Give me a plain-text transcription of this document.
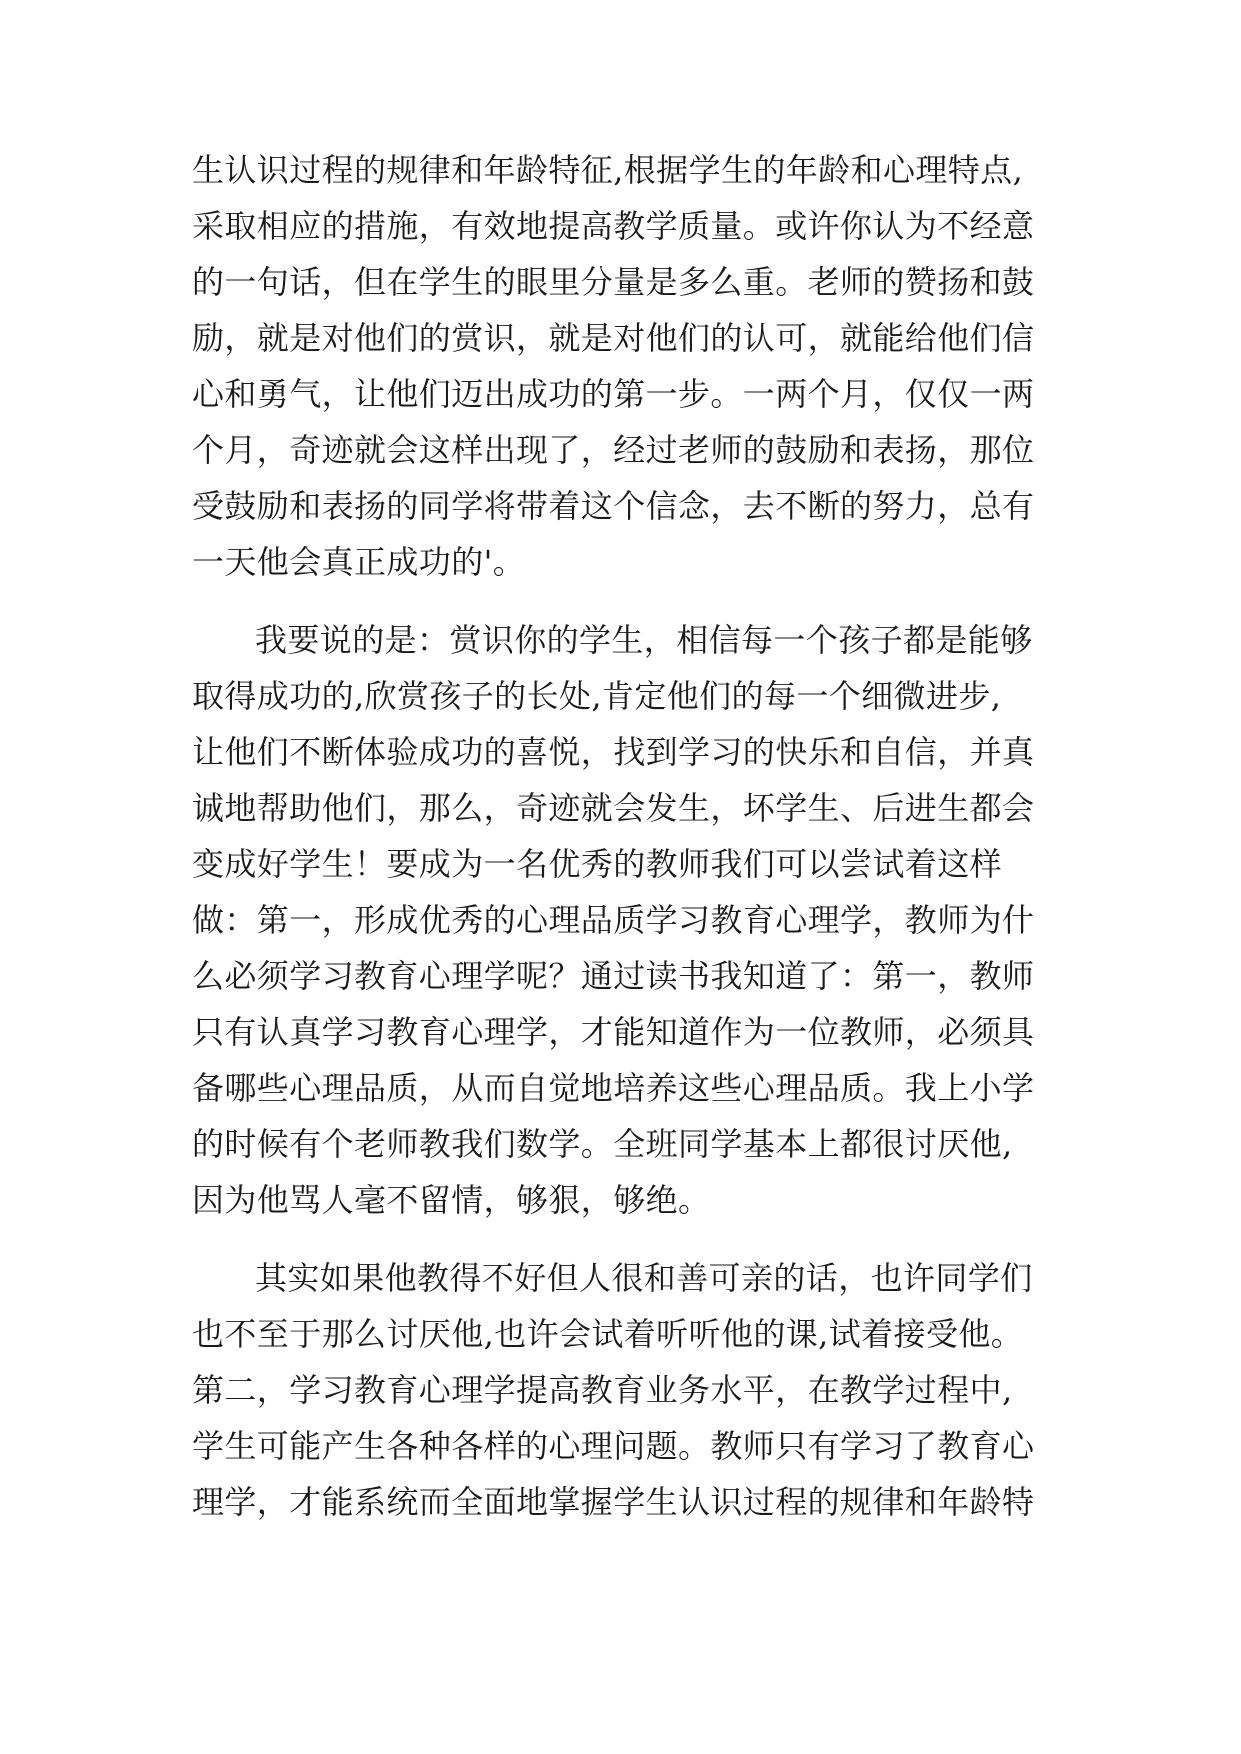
生认识过程的规律和年龄特征,根据学生的年龄和心理特点,
采取相应的措施，有效地提高教学质量。或许你认为不经意
的一句话，但在学生的眼里分量是多么重。老师的赞扬和鼓
励，就是对他们的赏识，就是对他们的认可，就能给他们信
心和勇气，让他们迈出成功的第一步。一两个月，仅仅一两
个月，奇迹就会这样出现了，经过老师的鼓励和表扬，那位
受鼓励和表扬的同学将带着这个信念，去不断的努力，总有
一天他会真正成功的'。
我要说的是：赏识你的学生，相信每一个孩子都是能够
取得成功的,欣赏孩子的长处,肯定他们的每一个细微进步,
让他们不断体验成功的喜悦，找到学习的快乐和自信，并真
诚地帮助他们，那么，奇迹就会发生，坏学生、后进生都会
变成好学生！要成为一名优秀的教师我们可以尝试着这样
做：第一，形成优秀的心理品质学习教育心理学，教师为什
么必须学习教育心理学呢？通过读书我知道了：第一，教师
只有认真学习教育心理学，才能知道作为一位教师，必须具
备哪些心理品质，从而自觉地培养这些心理品质。我上小学
的时候有个老师教我们数学。全班同学基本上都很讨厌他,
因为他骂人毫不留情，够狠，够绝。
其实如果他教得不好但人很和善可亲的话，也许同学们
也不至于那么讨厌他,也许会试着听听他的课,试着接受他。
第二，学习教育心理学提高教育业务水平，在教学过程中,
学生可能产生各种各样的心理问题。教师只有学习了教育心
理学，才能系统而全面地掌握学生认识过程的规律和年龄特
